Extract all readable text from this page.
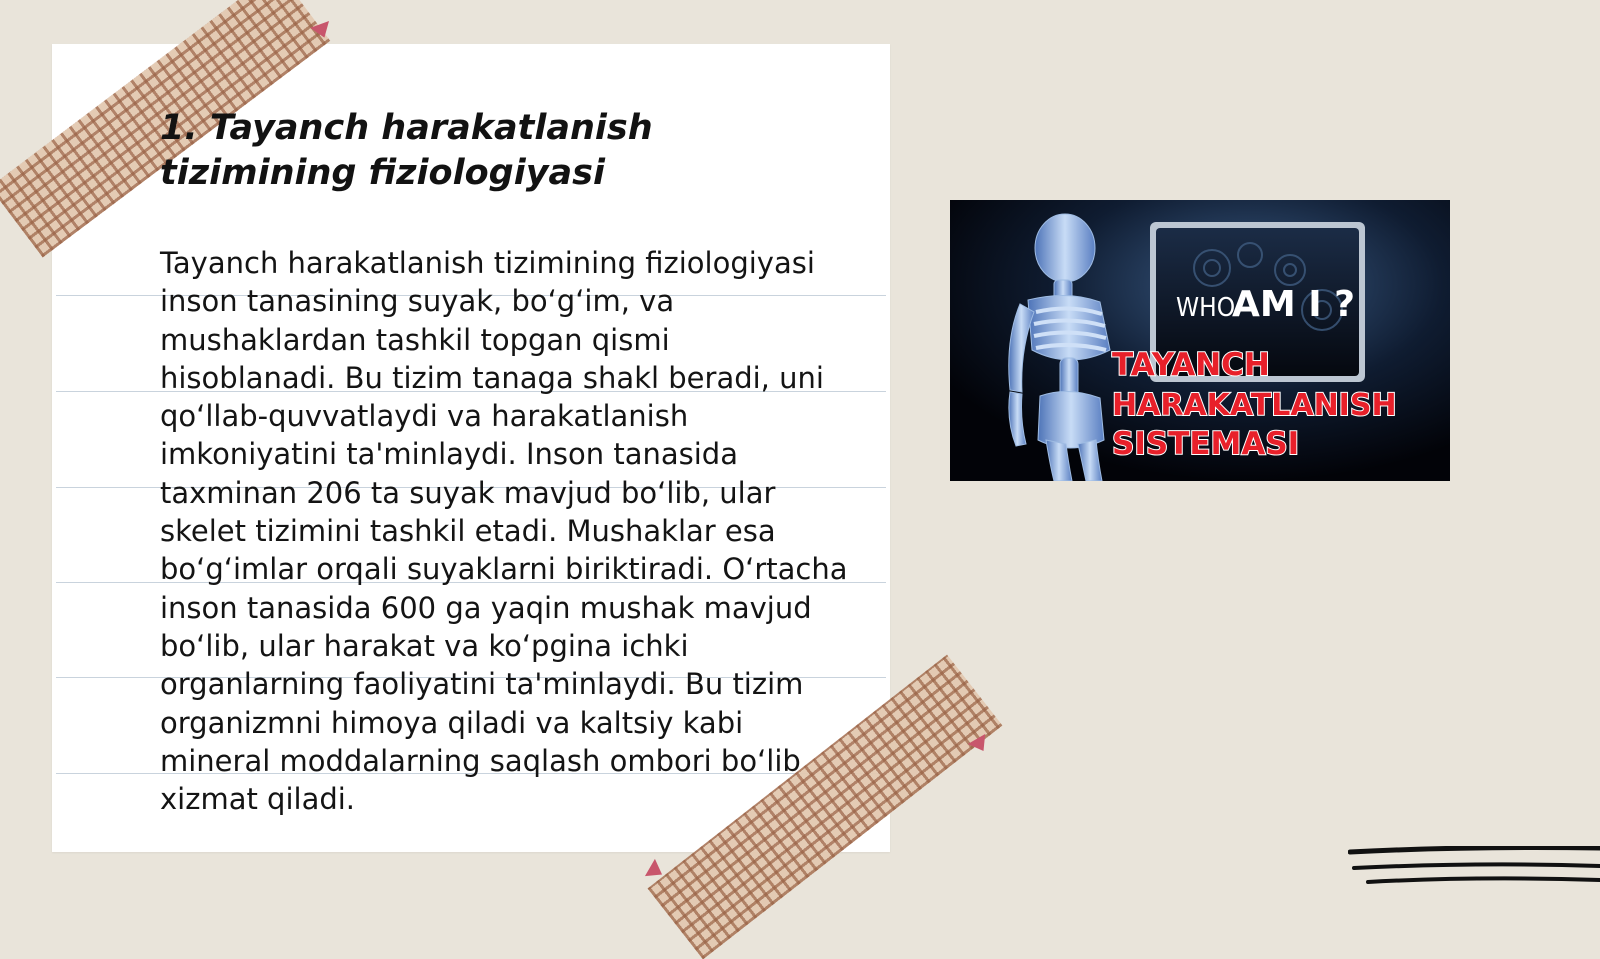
1. Tayanch harakatlanish tizimining fiziologiyasi

Tayanch harakatlanish tizimining fiziologiyasi inson tanasining suyak, bo‘g‘im, va mushaklardan tashkil topgan qismi hisoblanadi. Bu tizim tanaga shakl beradi, uni qo‘llab-quvvatlaydi va harakatlanish imkoniyatini ta'minlaydi. Inson tanasida taxminan 206 ta suyak mavjud bo‘lib, ular skelet tizimini tashkil etadi. Mushaklar esa bo‘g‘imlar orqali suyaklarni biriktiradi. O‘rtacha inson tanasida 600 ga yaqin mushak mavjud bo‘lib, ular harakat va ko‘pgina ichki organlarning faoliyatini ta'minlaydi. Bu tizim organizmni himoya qiladi va kaltsiy kabi mineral moddalarning saqlash ombori bo‘lib xizmat qiladi.

WHO
AM I ?
TAYANCH
HARAKATLANISH
SISTEMASI
